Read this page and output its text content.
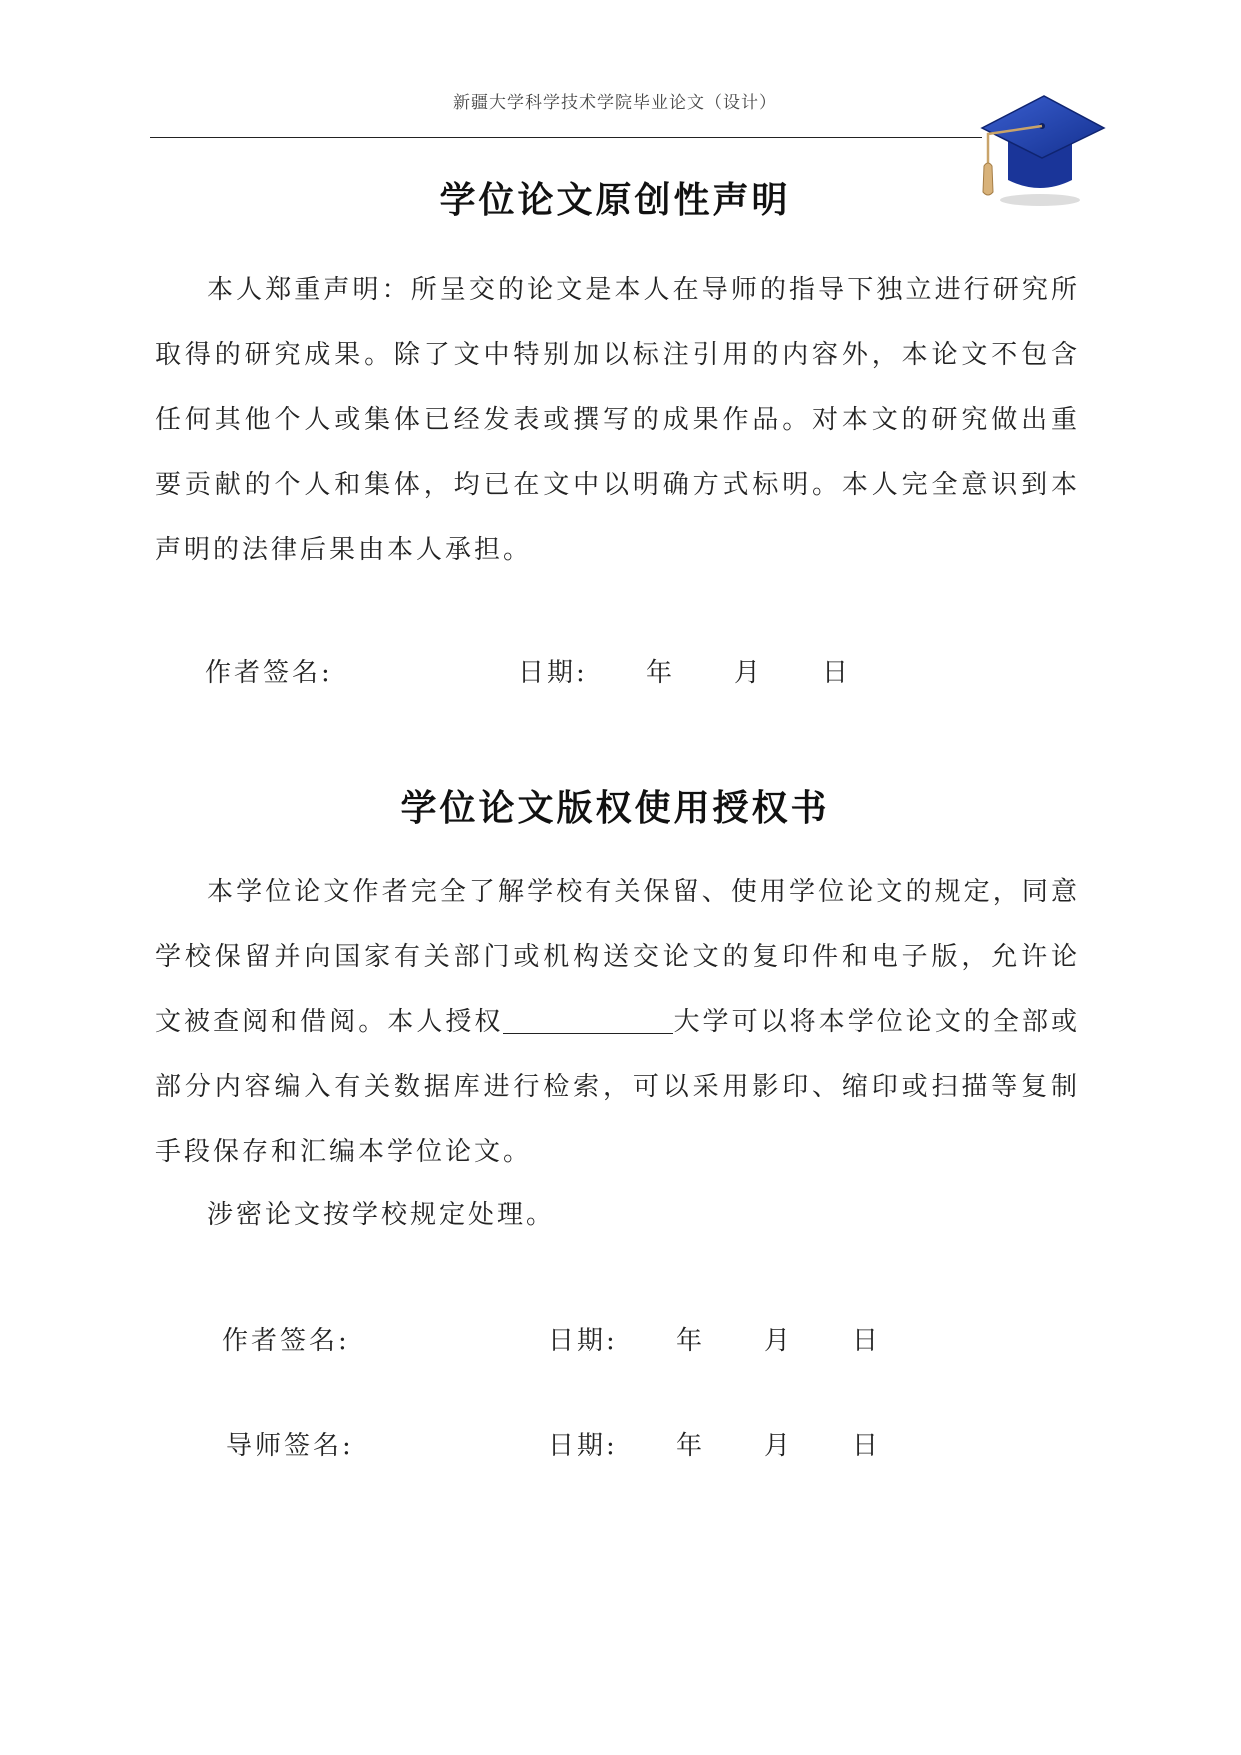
新疆大学科学技术学院毕业论文（设计）
学位论文原创性声明
本人郑重声明：所呈交的论文是本人在导师的指导下独立进行研究所取得的研究成果。除了文中特别加以标注引用的内容外，本论文不包含任何其他个人或集体已经发表或撰写的成果作品。对本文的研究做出重要贡献的个人和集体，均已在文中以明确方式标明。本人完全意识到本声明的法律后果由本人承担。
作者签名:	日期: 年 月 日
学位论文版权使用授权书
本学位论文作者完全了解学校有关保留、使用学位论文的规定，同意学校保留并向国家有关部门或机构送交论文的复印件和电子版，允许论文被查阅和借阅。本人授权	大学可以将本学位论文的全部或部分内容编入有关数据库进行检索，可以采用影印、缩印或扫描等复制手段保存和汇编本学位论文。
涉密论文按学校规定处理。
作者签名:	日期: 年 月 日
导师签名:	日期: 年 月 日
